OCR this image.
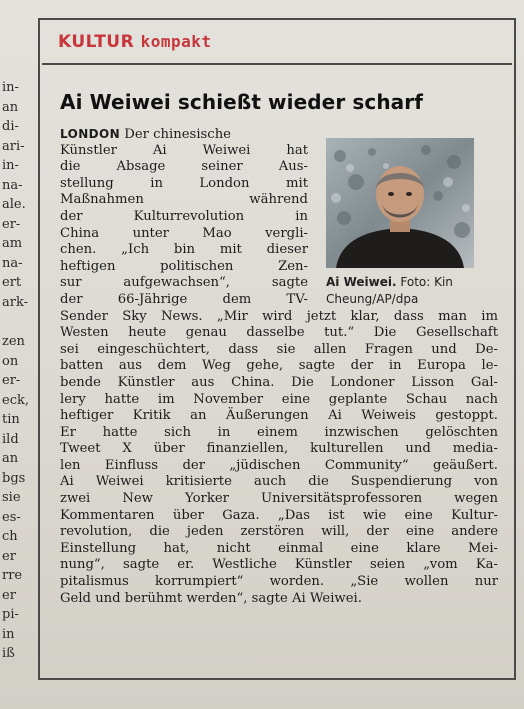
in-
an
di-
ari-
in-
na-
ale.
er-
am
na-
ert
ark-
zen
on
er-
eck,
tin
ild
an
bgs
sie
es-
ch
er
rre
er
pi-
in
iß
KULTUR kompakt
Ai Weiwei schießt wieder scharf
Ai Weiwei. Foto: Kin
Cheung/AP/dpa
LONDON Der chinesische
Künstler Ai Weiwei hat
die Absage seiner Aus-
stellung in London mit
Maßnahmen während
der Kulturrevolution in
China unter Mao vergli-
chen. „Ich bin mit dieser
heftigen politischen Zen-
sur aufgewachsen“, sagte
der 66-Jährige dem TV-
Sender Sky News. „Mir wird jetzt klar, dass man im
Westen heute genau dasselbe tut.“ Die Gesellschaft
sei eingeschüchtert, dass sie allen Fragen und De-
batten aus dem Weg gehe, sagte der in Europa le-
bende Künstler aus China. Die Londoner Lisson Gal-
lery hatte im November eine geplante Schau nach
heftiger Kritik an Äußerungen Ai Weiweis gestoppt.
Er hatte sich in einem inzwischen gelöschten
Tweet X über finanziellen, kulturellen und media-
len Einfluss der „jüdischen Community“ geäußert.
Ai Weiwei kritisierte auch die Suspendierung von
zwei New Yorker Universitätsprofessoren wegen
Kommentaren über Gaza. „Das ist wie eine Kultur-
revolution, die jeden zerstören will, der eine andere
Einstellung hat, nicht einmal eine klare Mei-
nung“, sagte er. Westliche Künstler seien „vom Ka-
pitalismus korrumpiert“ worden. „Sie wollen nur
Geld und berühmt werden“, sagte Ai Weiwei.
